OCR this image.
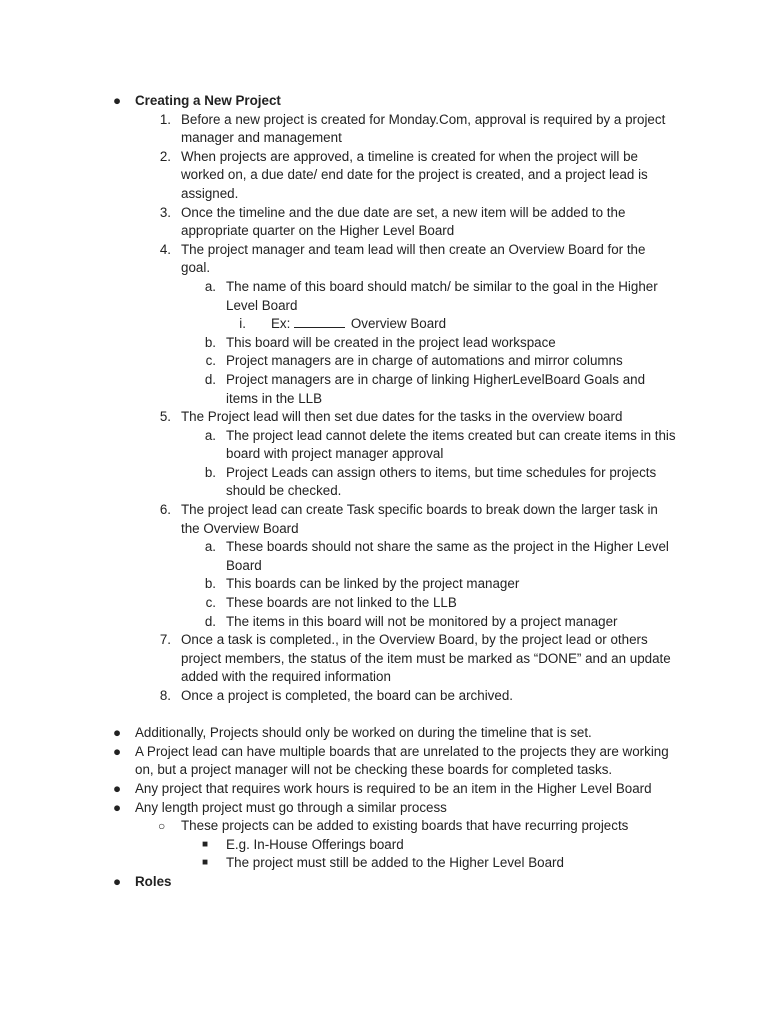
● Creating a New Project
1. Before a new project is created for Monday.Com, approval is required by a project manager and management
2. When projects are approved, a timeline is created for when the project will be worked on, a due date/ end date for the project is created, and a project lead is assigned.
3. Once the timeline and the due date are set, a new item will be added to the appropriate quarter on the Higher Level Board
4. The project manager and team lead will then create an Overview Board for the goal.
a. The name of this board should match/ be similar to the goal in the Higher Level Board
i. Ex:	Overview Board
b. This board will be created in the project lead workspace
c. Project managers are in charge of automations and mirror columns
d. Project managers are in charge of linking HigherLevelBoard Goals and items in the LLB
5. The Project lead will then set due dates for the tasks in the overview board
a. The project lead cannot delete the items created but can create items in this board with project manager approval
b. Project Leads can assign others to items, but time schedules for projects should be checked.
6. The project lead can create Task specific boards to break down the larger task in the Overview Board
a. These boards should not share the same as the project in the Higher Level Board
b. This boards can be linked by the project manager
c. These boards are not linked to the LLB
d. The items in this board will not be monitored by a project manager
7. Once a task is completed., in the Overview Board, by the project lead or others project members, the status of the item must be marked as “DONE” and an update added with the required information
8. Once a project is completed, the board can be archived.
● Additionally, Projects should only be worked on during the timeline that is set.
● A Project lead can have multiple boards that are unrelated to the projects they are working on, but a project manager will not be checking these boards for completed tasks.
● Any project that requires work hours is required to be an item in the Higher Level Board
● Any length project must go through a similar process
○	These projects can be added to existing boards that have recurring projects
■	E.g. In-House Offerings board
■	The project must still be added to the Higher Level Board
● Roles
